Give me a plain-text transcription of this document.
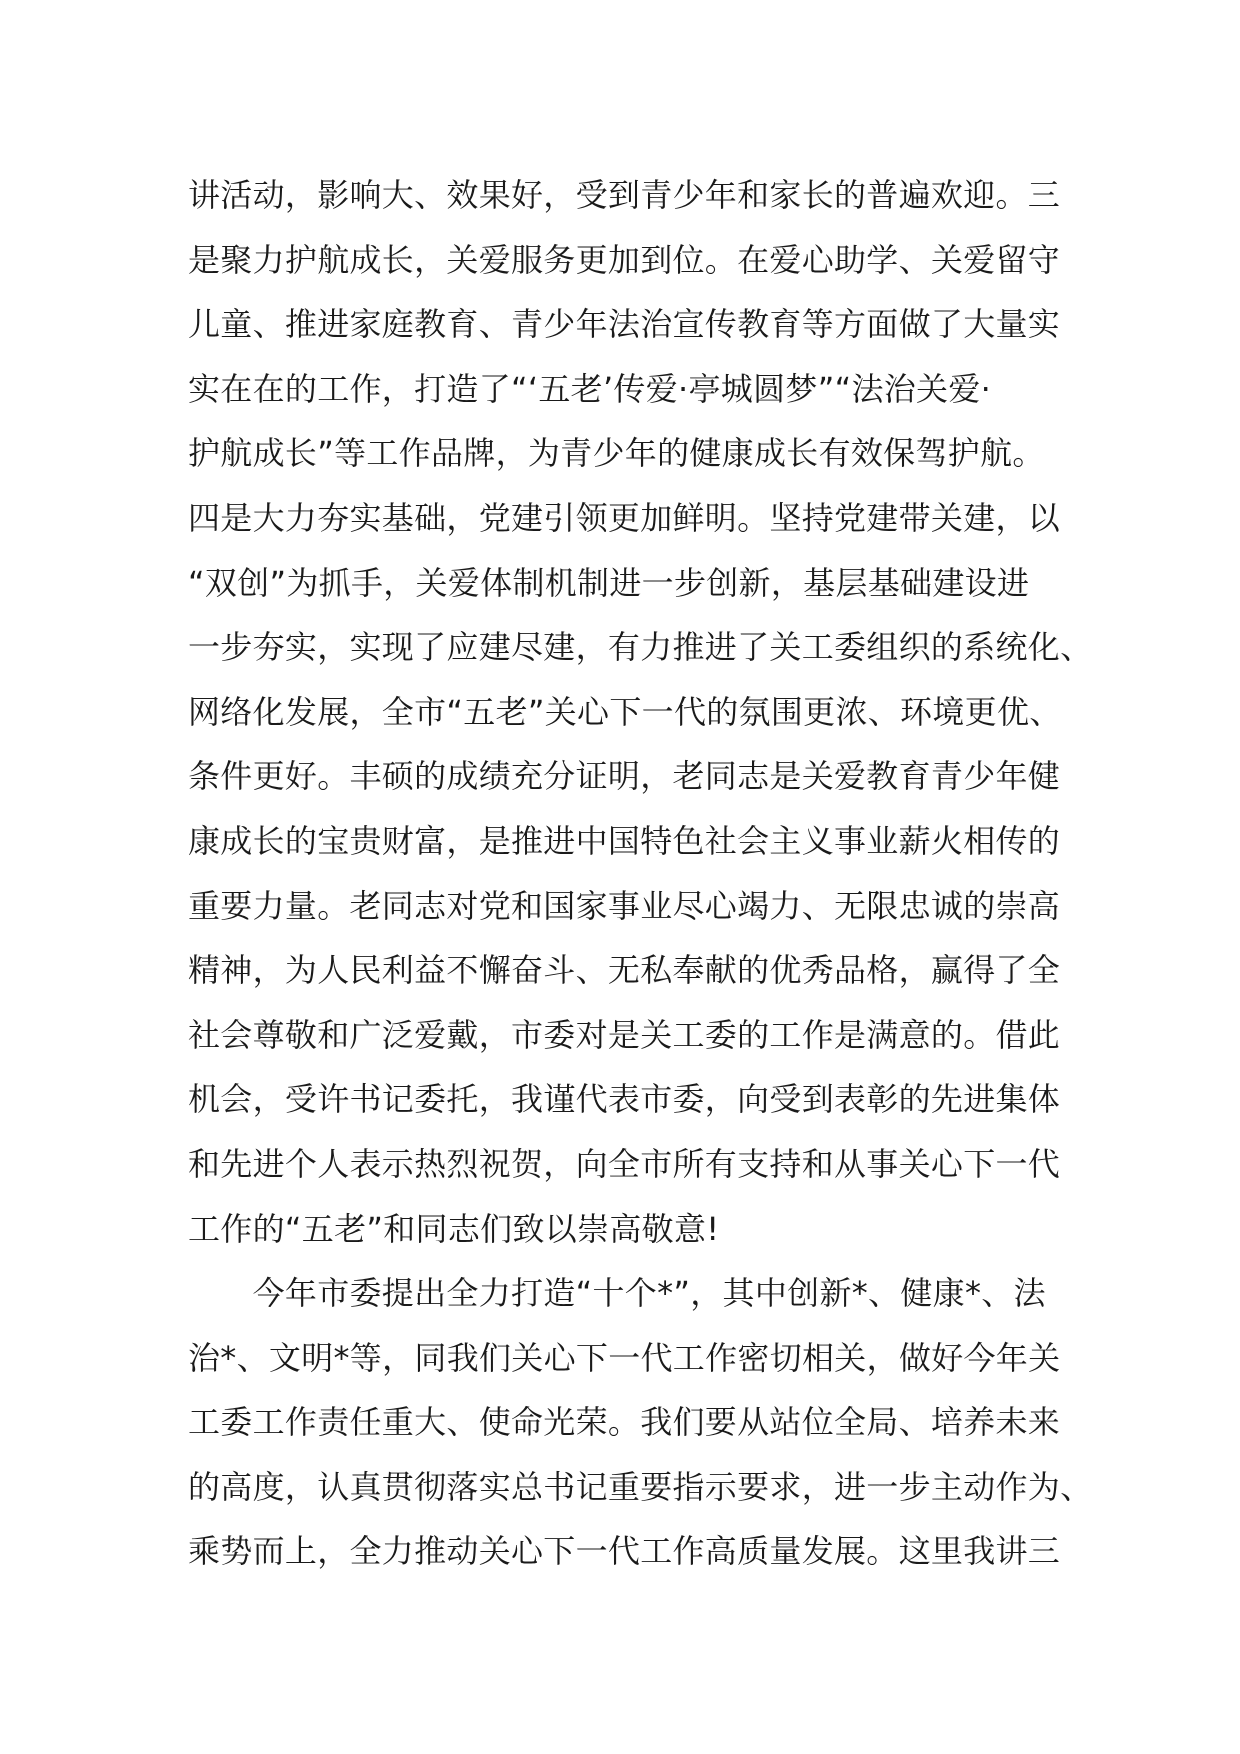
讲活动，影响大、效果好，受到青少年和家长的普遍欢迎。三
是聚力护航成长，关爱服务更加到位。在爱心助学、关爱留守
儿童、推进家庭教育、青少年法治宣传教育等方面做了大量实
实在在的工作，打造了“‘五老’传爱·亭城圆梦”“法治关爱·
护航成长”等工作品牌，为青少年的健康成长有效保驾护航。
四是大力夯实基础，党建引领更加鲜明。坚持党建带关建，以
“双创”为抓手，关爱体制机制进一步创新，基层基础建设进
一步夯实，实现了应建尽建，有力推进了关工委组织的系统化、
网络化发展，全市“五老”关心下一代的氛围更浓、环境更优、
条件更好。丰硕的成绩充分证明，老同志是关爱教育青少年健
康成长的宝贵财富，是推进中国特色社会主义事业薪火相传的
重要力量。老同志对党和国家事业尽心竭力、无限忠诚的崇高
精神，为人民利益不懈奋斗、无私奉献的优秀品格，赢得了全
社会尊敬和广泛爱戴，市委对是关工委的工作是满意的。借此
机会，受许书记委托，我谨代表市委，向受到表彰的先进集体
和先进个人表示热烈祝贺，向全市所有支持和从事关心下一代
工作的“五老”和同志们致以崇高敬意!
　　今年市委提出全力打造“十个*”，其中创新*、健康*、法
治*、文明*等，同我们关心下一代工作密切相关，做好今年关
工委工作责任重大、使命光荣。我们要从站位全局、培养未来
的高度，认真贯彻落实总书记重要指示要求，进一步主动作为、
乘势而上，全力推动关心下一代工作高质量发展。这里我讲三
